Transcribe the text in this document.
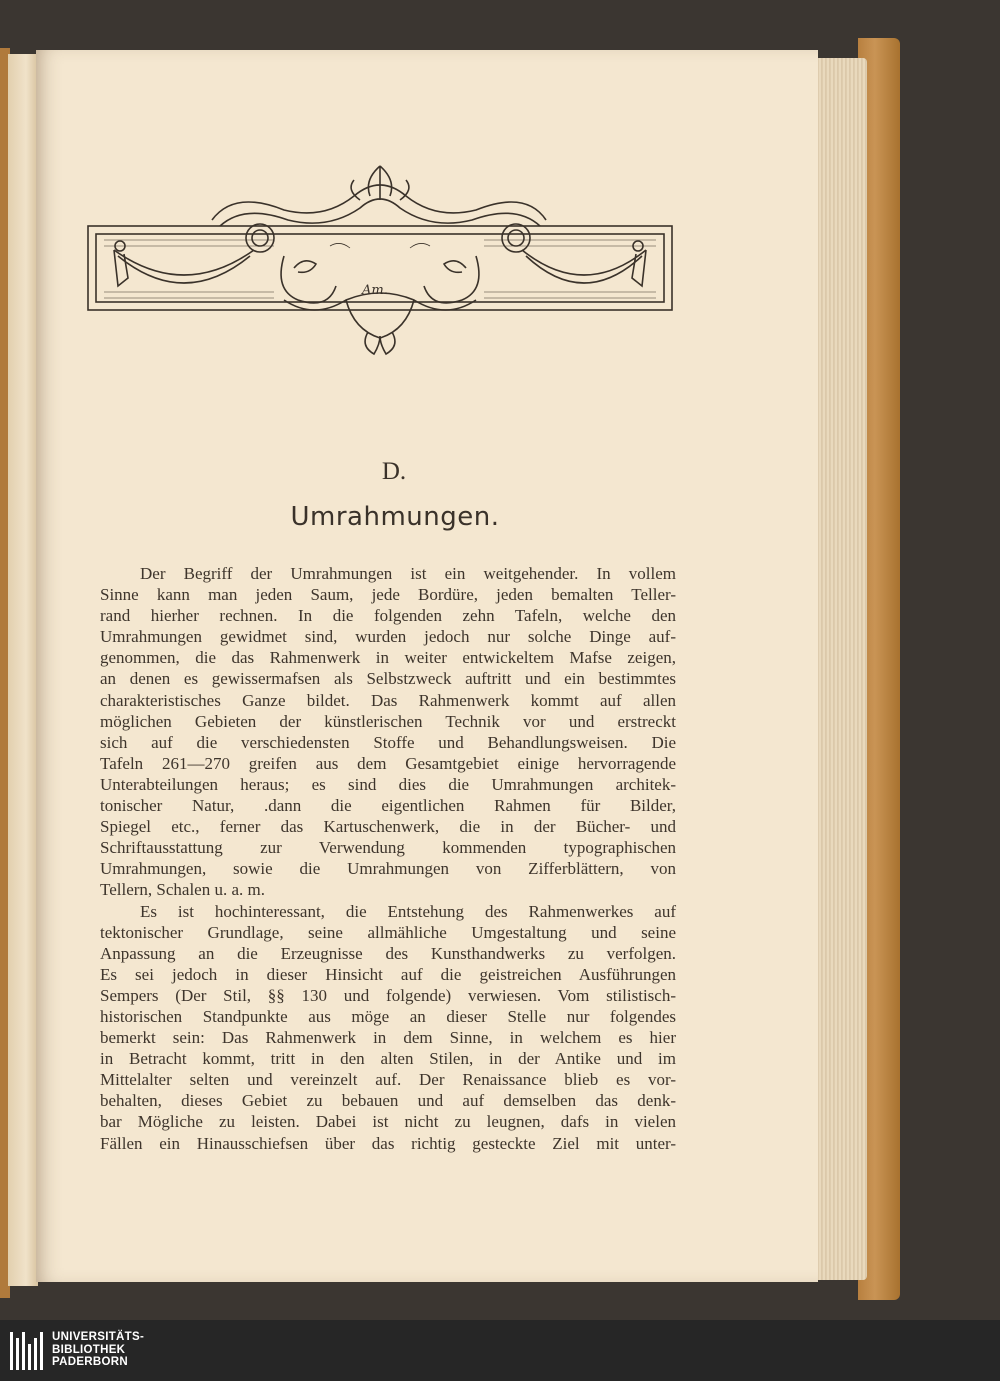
Am.
D.
Umrahmungen.
Der Begriff der Umrahmungen ist ein weitgehender. In vollem
Sinne kann man jeden Saum, jede Bordüre, jeden bemalten Teller-
rand hierher rechnen. In die folgenden zehn Tafeln, welche den
Umrahmungen gewidmet sind, wurden jedoch nur solche Dinge auf-
genommen, die das Rahmenwerk in weiter entwickeltem Mafse zeigen,
an denen es gewissermafsen als Selbstzweck auftritt und ein bestimmtes
charakteristisches Ganze bildet. Das Rahmenwerk kommt auf allen
möglichen Gebieten der künstlerischen Technik vor und erstreckt
sich auf die verschiedensten Stoffe und Behandlungsweisen. Die
Tafeln 261—270 greifen aus dem Gesamtgebiet einige hervorragende
Unterabteilungen heraus; es sind dies die Umrahmungen architek-
tonischer Natur, .dann die eigentlichen Rahmen für Bilder,
Spiegel etc., ferner das Kartuschenwerk, die in der Bücher- und
Schriftausstattung zur Verwendung kommenden typographischen
Umrahmungen, sowie die Umrahmungen von Zifferblättern, von
Tellern, Schalen u. a. m.
Es ist hochinteressant, die Entstehung des Rahmenwerkes auf
tektonischer Grundlage, seine allmähliche Umgestaltung und seine
Anpassung an die Erzeugnisse des Kunsthandwerks zu verfolgen.
Es sei jedoch in dieser Hinsicht auf die geistreichen Ausführungen
Sempers (Der Stil, §§ 130 und folgende) verwiesen. Vom stilistisch-
historischen Standpunkte aus möge an dieser Stelle nur folgendes
bemerkt sein: Das Rahmenwerk in dem Sinne, in welchem es hier
in Betracht kommt, tritt in den alten Stilen, in der Antike und im
Mittelalter selten und vereinzelt auf. Der Renaissance blieb es vor-
behalten, dieses Gebiet zu bebauen und auf demselben das denk-
bar Mögliche zu leisten. Dabei ist nicht zu leugnen, dafs in vielen
Fällen ein Hinausschiefsen über das richtig gesteckte Ziel mit unter-
UNIVERSITÄTS-
BIBLIOTHEK
PADERBORN
